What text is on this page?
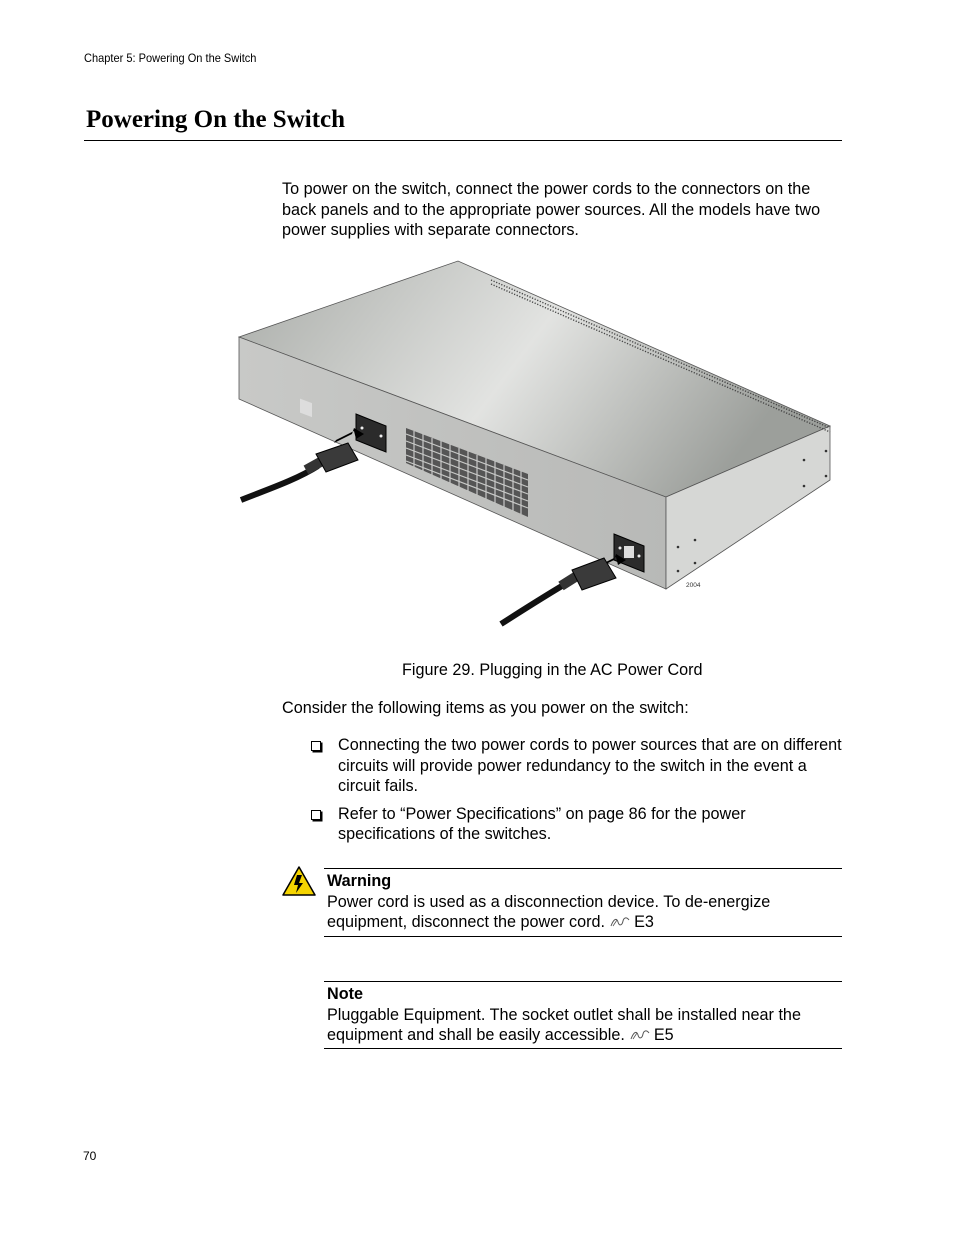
Chapter 5: Powering On the Switch
Powering On the Switch
To power on the switch, connect the power cords to the connectors on the back panels and to the appropriate power sources. All the models have two power supplies with separate connectors.
2004
Figure 29. Plugging in the AC Power Cord
Consider the following items as you power on the switch:
Connecting the two power cords to power sources that are on different circuits will provide power redundancy to the switch in the event a circuit fails.
Refer to “Power Specifications” on page 86 for the power specifications of the switches.
Warning
Power cord is used as a disconnection device. To de-energize equipment, disconnect the power cord. E3
Note
Pluggable Equipment. The socket outlet shall be installed near the equipment and shall be easily accessible. E5
70
